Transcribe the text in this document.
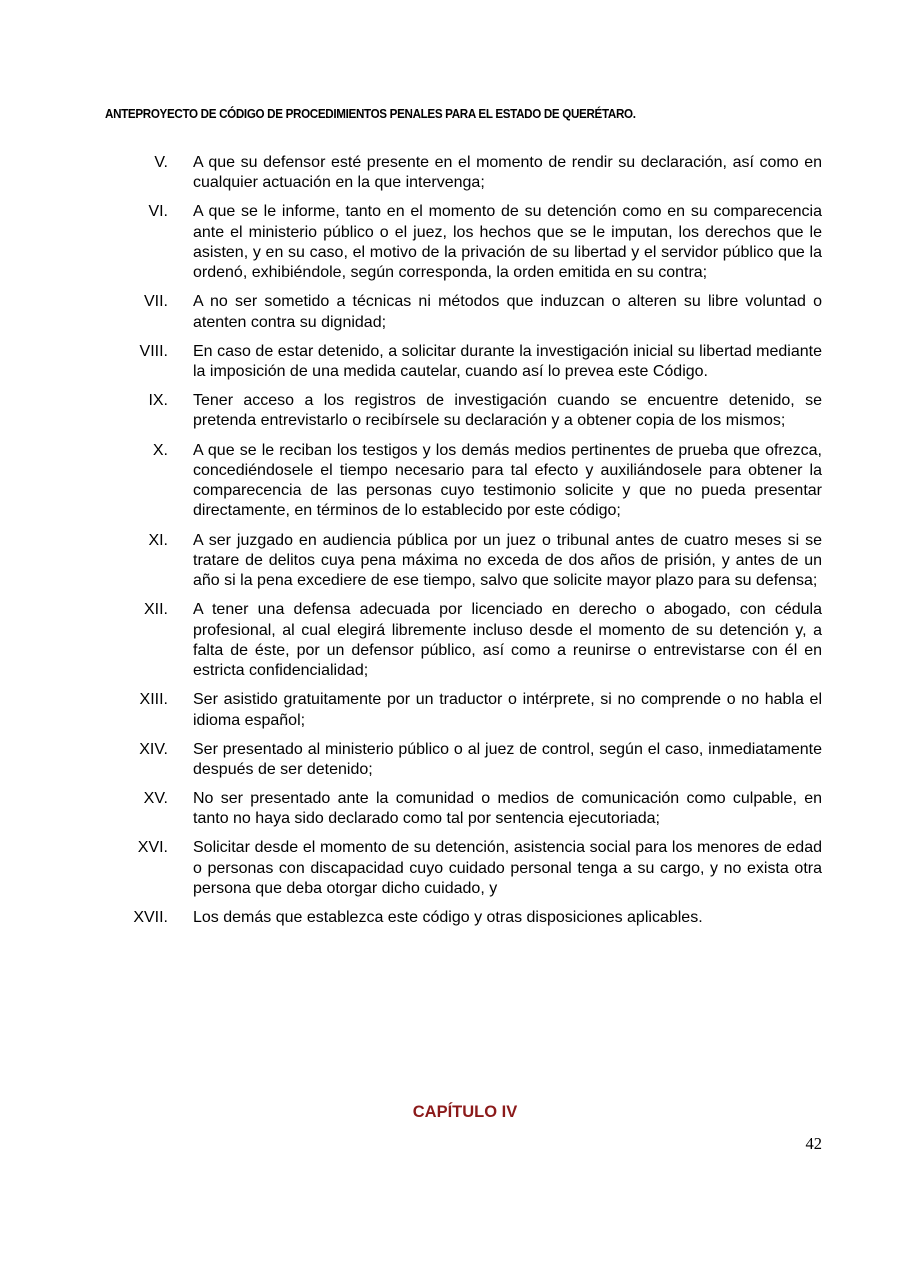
ANTEPROYECTO DE CÓDIGO DE PROCEDIMIENTOS PENALES PARA EL ESTADO DE QUERÉTARO.
V. A que su defensor esté presente en el momento de rendir su declaración, así como en cualquier actuación en la que intervenga;
VI. A que se le informe, tanto en el momento de su detención como en su comparecencia ante el ministerio público o el juez, los hechos que se le imputan, los derechos que le asisten, y en su caso, el motivo de la privación de su libertad y el servidor público que la ordenó, exhibiéndole, según corresponda, la orden emitida en su contra;
VII. A no ser sometido a técnicas ni métodos que induzcan o alteren su libre voluntad o atenten contra su dignidad;
VIII. En caso de estar detenido, a solicitar durante la investigación inicial su libertad mediante la imposición de una medida cautelar, cuando así lo prevea este Código.
IX. Tener acceso a los registros de investigación cuando se encuentre detenido, se pretenda entrevistarlo o recibírsele su declaración y a obtener copia de los mismos;
X. A que se le reciban los testigos y los demás medios pertinentes de prueba que ofrezca, concediéndosele el tiempo necesario para tal efecto y auxiliándosele para obtener la comparecencia de las personas cuyo testimonio solicite y que no pueda presentar directamente, en términos de lo establecido por este código;
XI. A ser juzgado en audiencia pública por un juez o tribunal antes de cuatro meses si se tratare de delitos cuya pena máxima no exceda de dos años de prisión, y antes de un año si la pena excediere de ese tiempo, salvo que solicite mayor plazo para su defensa;
XII. A tener una defensa adecuada por licenciado en derecho o abogado, con cédula profesional, al cual elegirá libremente incluso desde el momento de su detención y, a falta de éste, por un defensor público, así como a reunirse o entrevistarse con él en estricta confidencialidad;
XIII. Ser asistido gratuitamente por un traductor o intérprete, si no comprende o no habla el idioma español;
XIV. Ser presentado al ministerio público o al juez de control, según el caso, inmediatamente después de ser detenido;
XV. No ser presentado ante la comunidad o medios de comunicación como culpable, en tanto no haya sido declarado como tal por sentencia ejecutoriada;
XVI. Solicitar desde el momento de su detención, asistencia social para los menores de edad o personas con discapacidad cuyo cuidado personal tenga a su cargo, y no exista otra persona que deba otorgar dicho cuidado, y
XVII. Los demás que establezca este código y otras disposiciones aplicables.
CAPÍTULO IV
42
